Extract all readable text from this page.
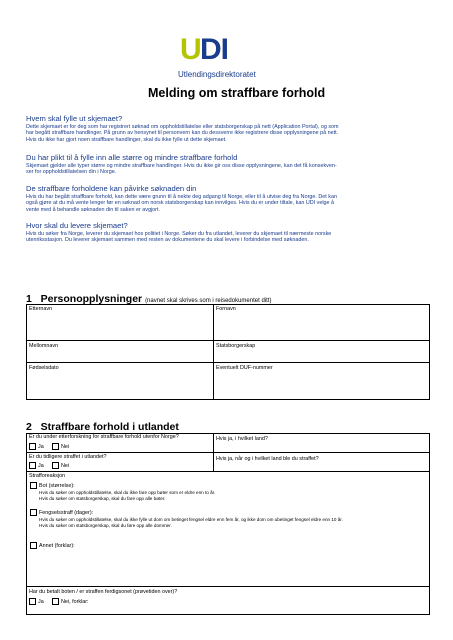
U DI
Utlendingsdirektoratet
Melding om straffbare forhold
Hvem skal fylle ut skjemaet?
Dette skjemaet er for deg som har registrert søknad om oppholdstillatelse eller statsborgerskap på nett (Application Portal), og som
har begått straffbare handlinger. På grunn av hensynet til personvern kan du dessverre ikke registrere disse opplysningene på nett.
Hvis du ikke har gjort noen straffbare handlinger, skal du ikke fylle ut dette skjemaet.
Du har plikt til å fylle inn alle større og mindre straffbare forhold
Skjemaet gjelder alle typer større og mindre straffbare handlinger. Hvis du ikke gir oss disse opplysningene, kan det få konsekven-
ser for oppholdstillatelsen din i Norge.
De straffbare forholdene kan påvirke søknaden din
Hvis du har begått straffbare forhold, kan dette være grunn til å nekte deg adgang til Norge, eller til å utvise deg fra Norge. Det kan
også gjøre at du må vente lenger før en søknad om norsk statsborgerskap kan innvilges. Hvis du er under tiltale, kan UDI velge å
vente med å behandle søknaden din til saken er avgjort.
Hvor skal du levere skjemaet?
Hvis du søker fra Norge, leverer du skjemaet hos politiet i Norge. Søker du fra utlandet, leverer du skjemaet til nærmeste norske
utenriksstasjon. Du leverer skjemaet sammen med resten av dokumentene du skal levere i forbindelse med søknaden.
1 Personopplysninger (navnet skal skrives som i reisedokumentet ditt)
Etternavn	Fornavn
Mellomnavn	Statsborgerskap
Fødselsdato	Eventuelt DUF-nummer
2 Straffbare forhold i utlandet
Er du under etterforskning for straffbare forhold utenfor Norge?	Hvis ja, i hvilket land?
Ja	Nei
Er du tidligere straffet i utlandet?	Hvis ja, når og i hvilket land ble du straffet?
Ja	Nei
Strafforeaksjon
Bot (størrelse):
Hvis du søker om oppholdstillatelse, skal du ikke fare opp bøter som er eldre enn to år.
Hvis du søker om statsborgerskap, skal du fare opp alle bøter.
Fengselsstraff (dager):
Hvis du søker om oppholdstillatelse, skal du ikke fylle ut dom om betinget fengsel eldre enn fem år, og ikke dom om ubetinget fengsel eldre enn 10 år.
Hvis du søker om statsborgerskap, skal du føre opp alle dommer.
Annet (forklar):
Har du betalt boten / er straffen ferdigsonet (prøvetiden over)?
Ja	Nei, forklar:
